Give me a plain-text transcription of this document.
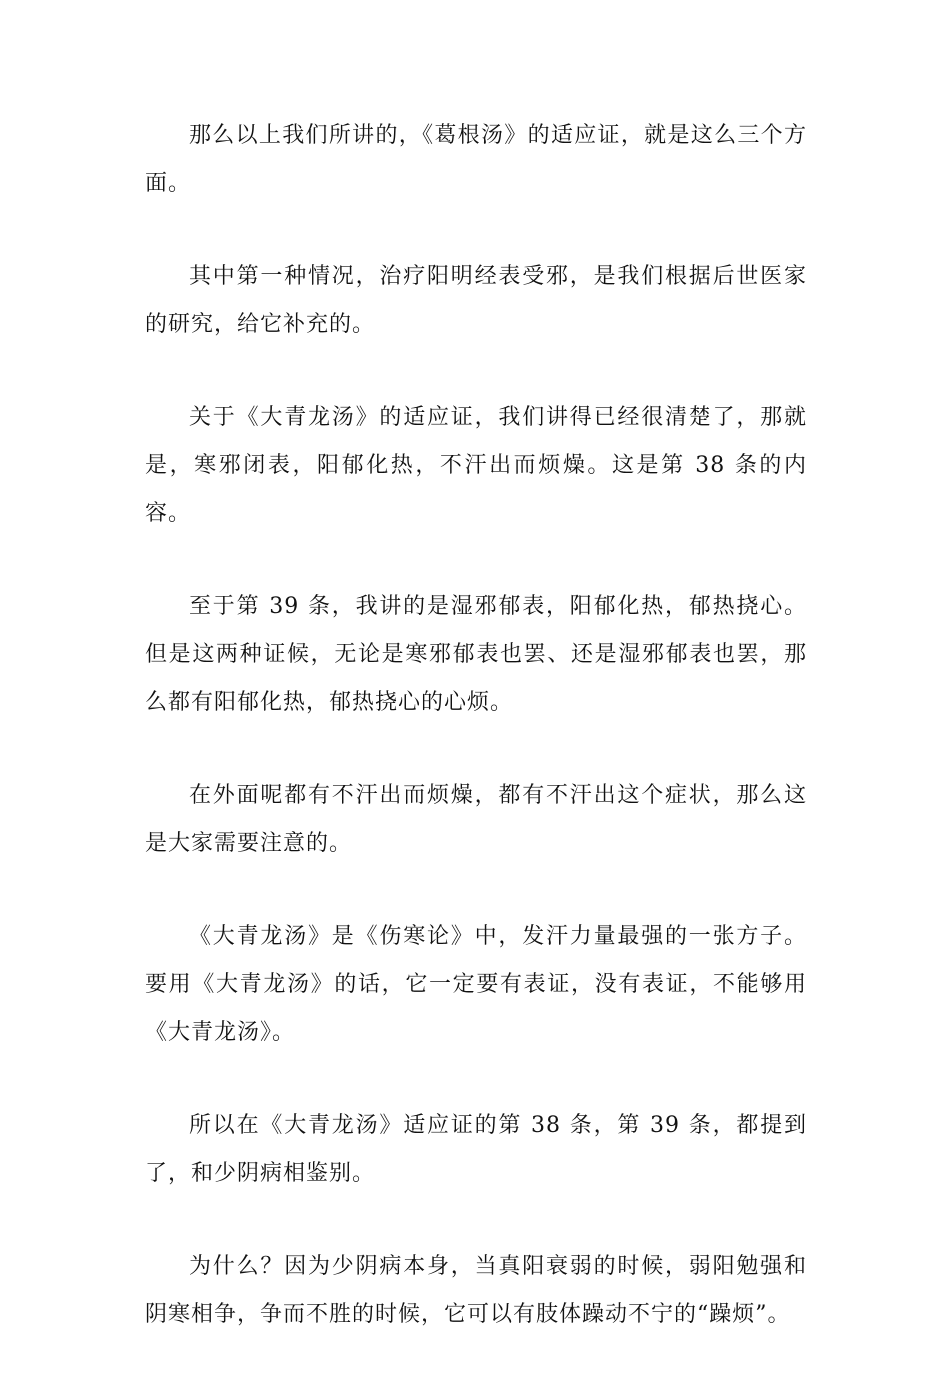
那么以上我们所讲的，《葛根汤》的适应证，就是这么三个方面。

其中第一种情况，治疗阳明经表受邪，是我们根据后世医家的研究，给它补充的。

关于《大青龙汤》的适应证，我们讲得已经很清楚了，那就是，寒邪闭表，阳郁化热，不汗出而烦燥。这是第 38 条的内容。

至于第 39 条，我讲的是湿邪郁表，阳郁化热，郁热挠心。但是这两种证候，无论是寒邪郁表也罢、还是湿邪郁表也罢，那么都有阳郁化热，郁热挠心的心烦。

在外面呢都有不汗出而烦燥，都有不汗出这个症状，那么这是大家需要注意的。

《大青龙汤》是《伤寒论》中，发汗力量最强的一张方子。要用《大青龙汤》的话，它一定要有表证，没有表证，不能够用《大青龙汤》。

所以在《大青龙汤》适应证的第 38 条，第 39 条，都提到了，和少阴病相鉴别。

为什么？因为少阴病本身，当真阳衰弱的时候，弱阳勉强和阴寒相争，争而不胜的时候，它可以有肢体躁动不宁的“躁烦”。
